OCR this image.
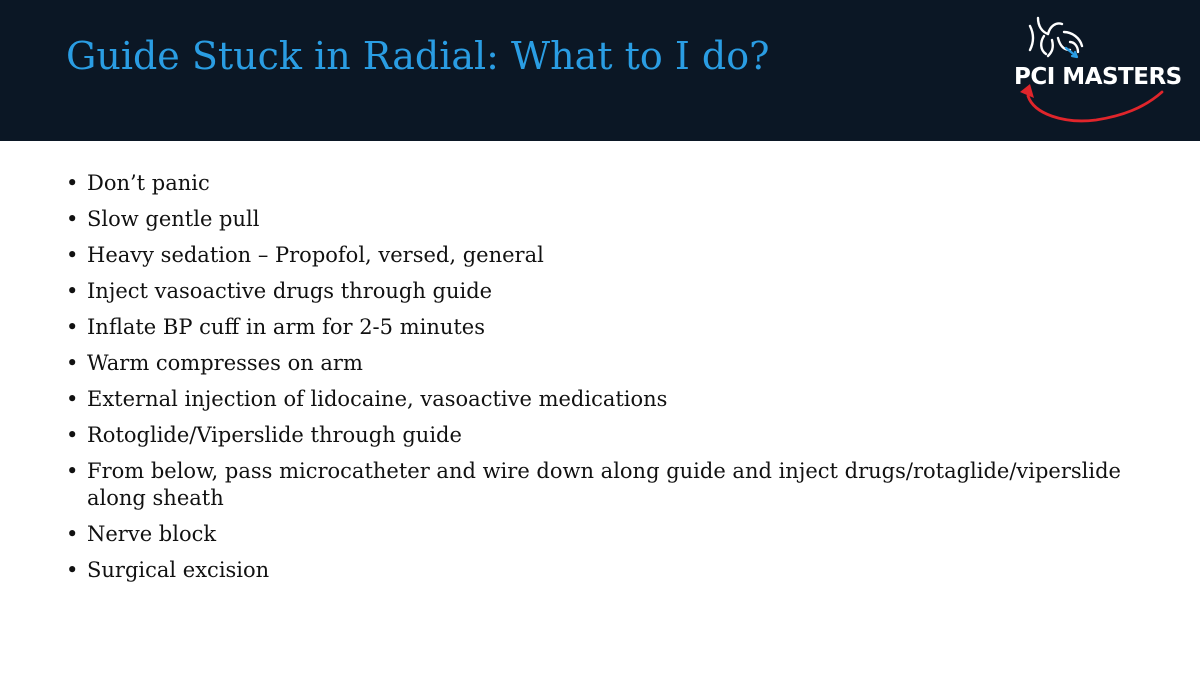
Guide Stuck in Radial: What to I do?	PCI MASTERS
• Don’t panic
• Slow gentle pull
• Heavy sedation – Propofol, versed, general
• Inject vasoactive drugs through guide
• Inflate BP cuff in arm for 2-5 minutes
• Warm compresses on arm
• External injection of lidocaine, vasoactive medications
• Rotoglide/Viperslide through guide
• From below, pass microcatheter and wire down along guide and inject drugs/rotaglide/viperslide along sheath
• Nerve block
• Surgical excision
